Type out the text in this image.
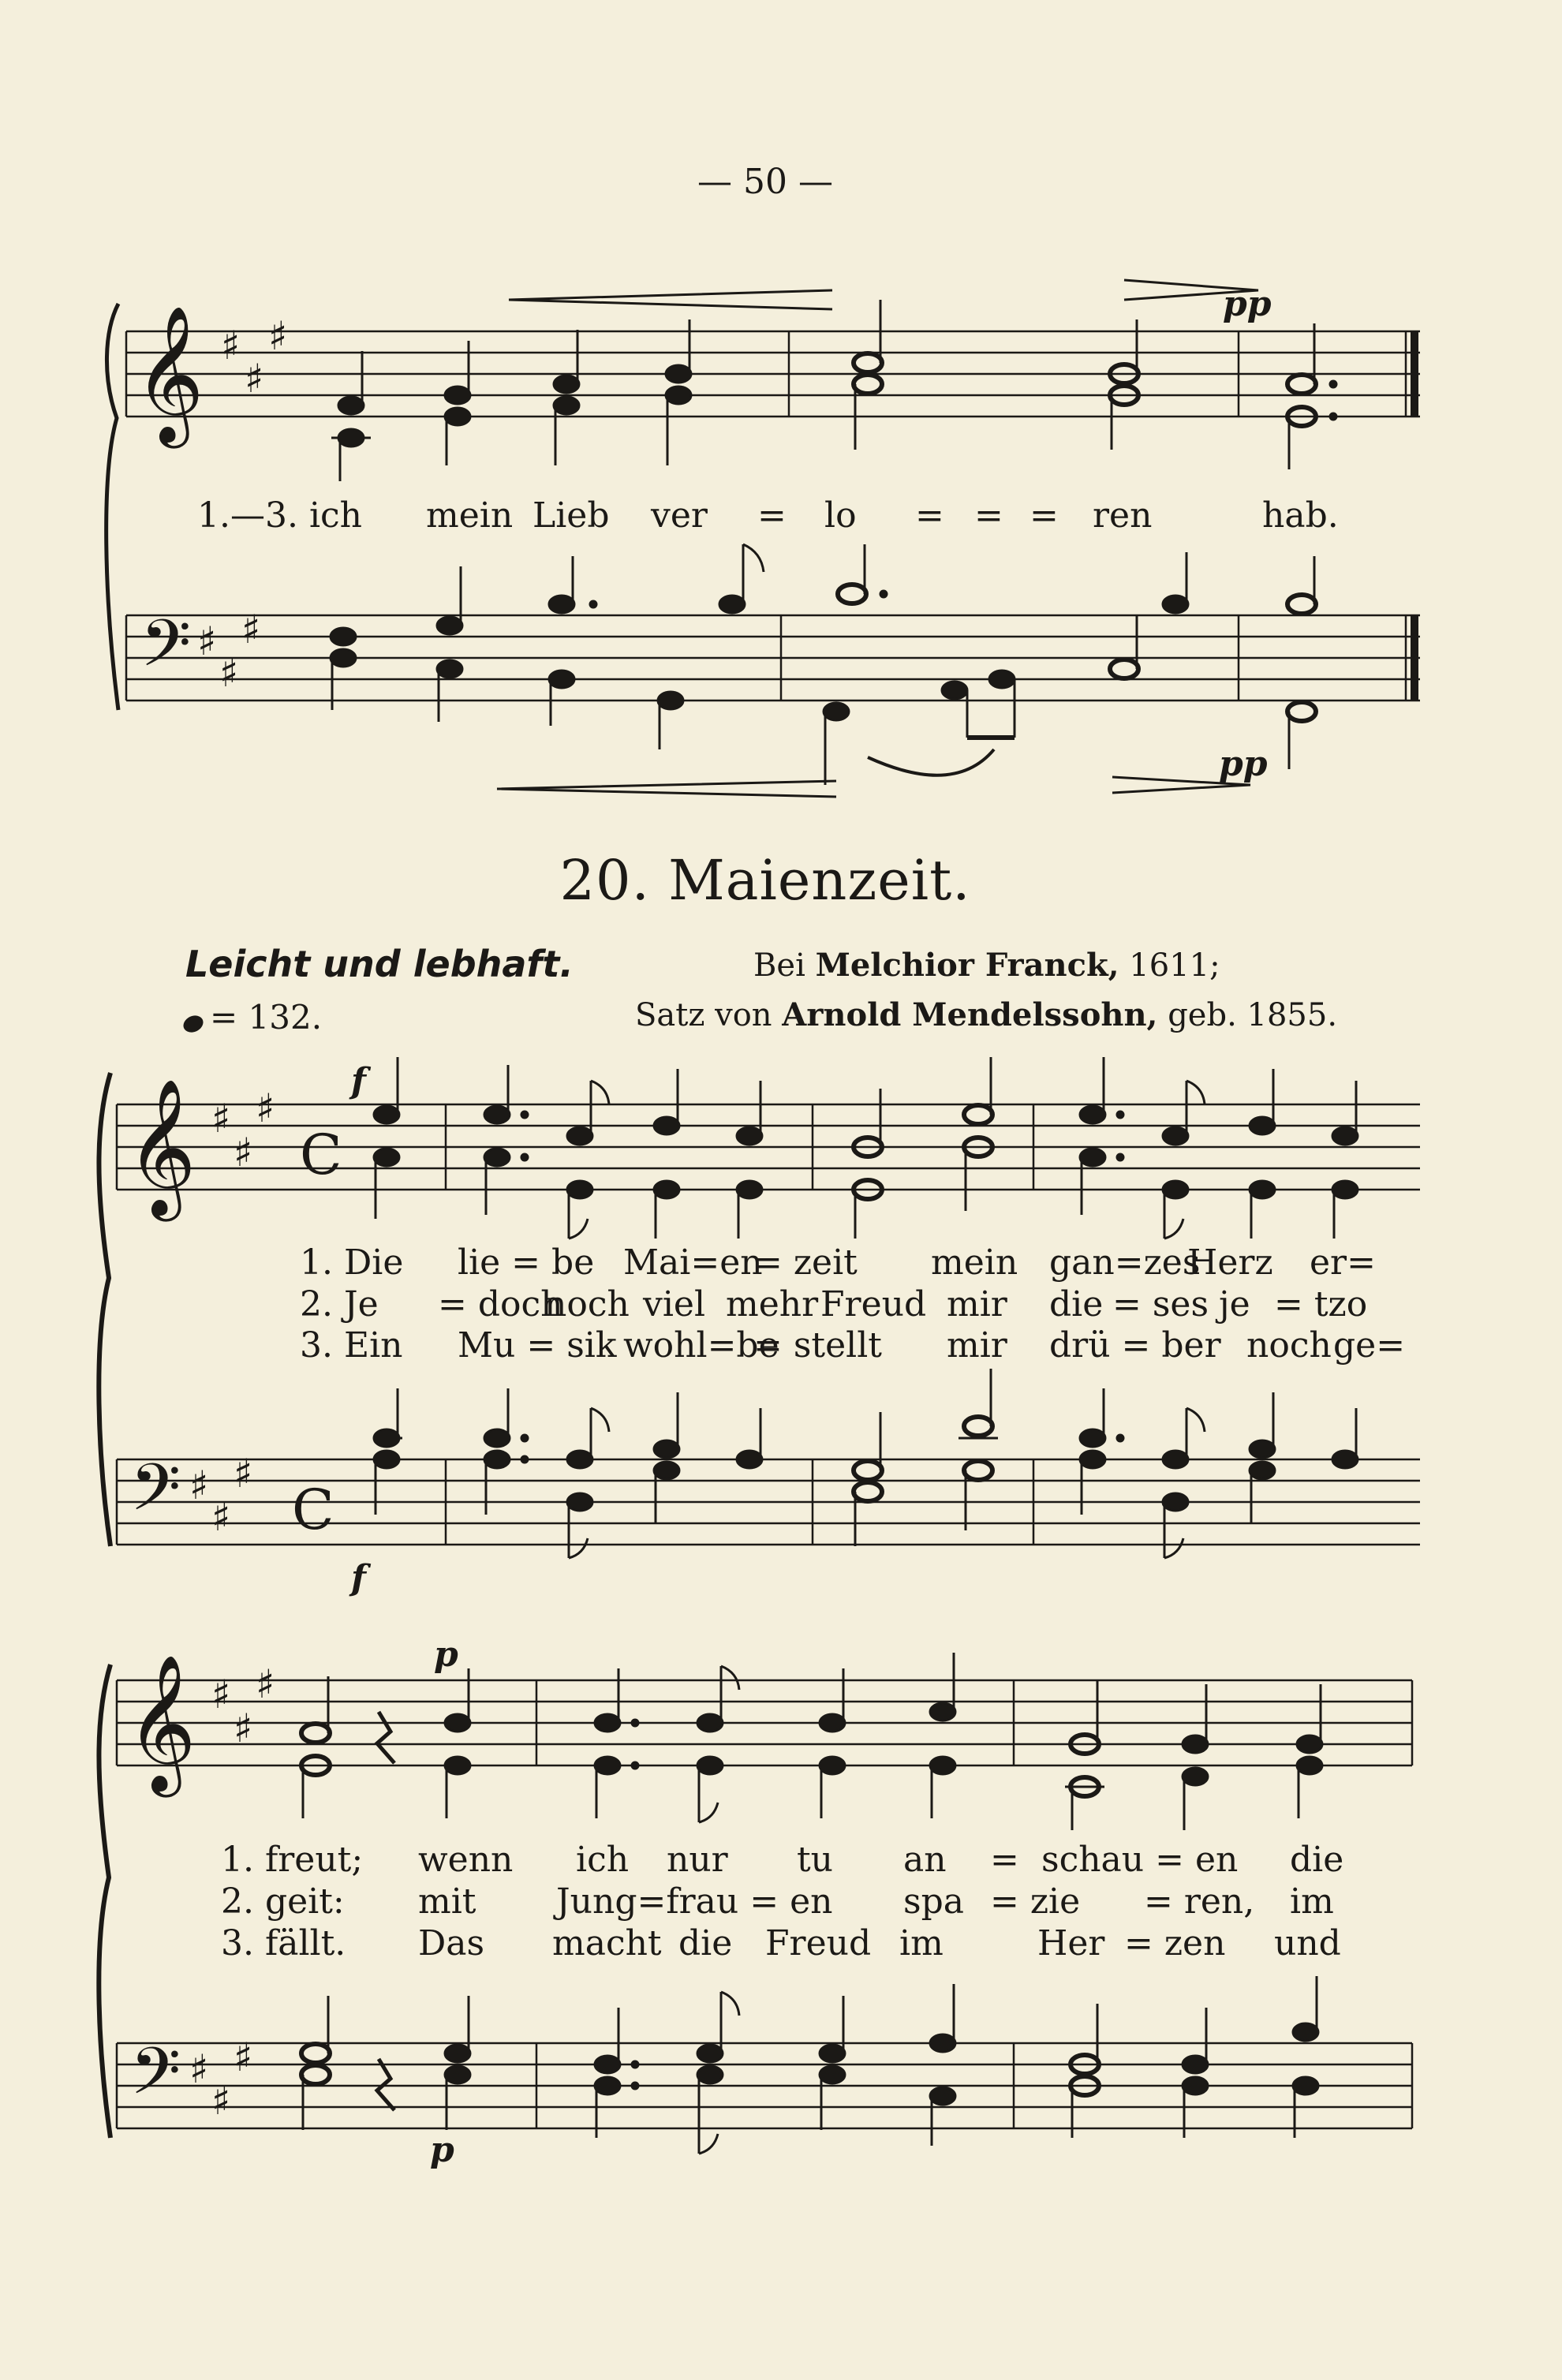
— 50 —
𝄞 ♯
♯
♯
pp
1.—3. ich mein Lieb ver = lo = = = ren	hab.
𝄢 ♯
♯
♯
pp
20. Maienzeit.
Leicht und lebhaft.
= 132.
Bei Melchior Franck, 1611;
Satz von Arnold Mendelssohn, geb. 1855.
𝄞 ♯
♯
♯
C
f
1. Die lie = be Mai=en
= zeit mein gan=zes
Herz er=
2. Je = doch
noch viel mehr Freud mir die = ses je = tzo
3. Ein Mu = sik wohl=be
= stellt mir drü = ber noch ge=
𝄢 ♯
♯
♯
C
f
𝄞 ♯
♯
♯
p
1. freut; wenn ich nur tu an = schau = en die
2. geit: mit Jung=frau = en spa = zie = ren, im
3. fällt. Das macht die Freud im	Her = zen und
𝄢 ♯
♯
♯
p
